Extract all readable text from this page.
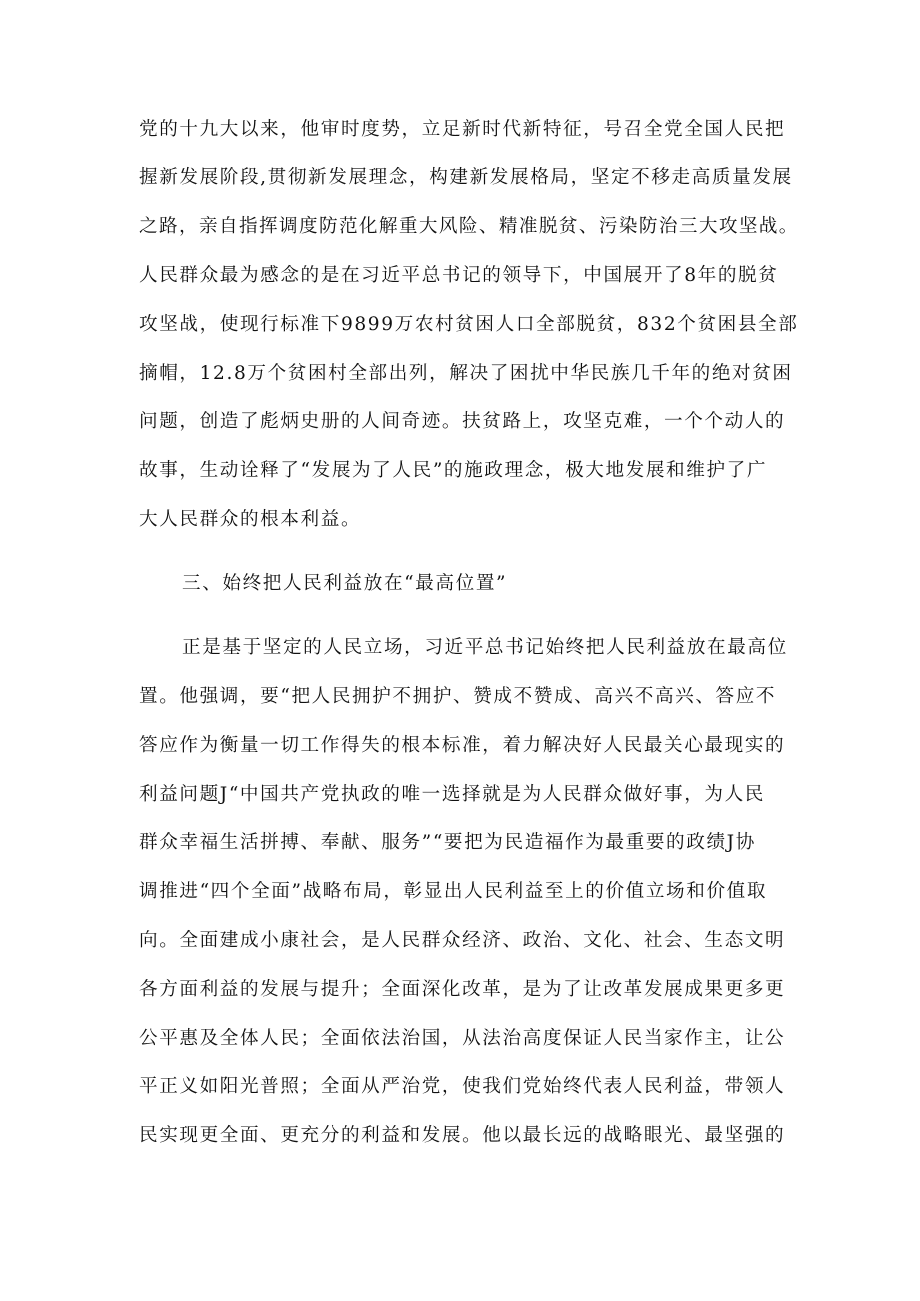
党的十九大以来，他审时度势，立足新时代新特征，号召全党全国人民把
握新发展阶段,贯彻新发展理念，构建新发展格局，坚定不移走高质量发展
之路，亲自指挥调度防范化解重大风险、精准脱贫、污染防治三大攻坚战。
人民群众最为感念的是在习近平总书记的领导下，中国展开了8年的脱贫
攻坚战，使现行标准下9899万农村贫困人口全部脱贫，832个贫困县全部
摘帽，12.8万个贫困村全部出列，解决了困扰中华民族几千年的绝对贫困
问题，创造了彪炳史册的人间奇迹。扶贫路上，攻坚克难，一个个动人的
故事，生动诠释了“发展为了人民”的施政理念，极大地发展和维护了广
大人民群众的根本利益。
三、始终把人民利益放在“最高位置”
正是基于坚定的人民立场，习近平总书记始终把人民利益放在最高位
置。他强调，要“把人民拥护不拥护、赞成不赞成、高兴不高兴、答应不
答应作为衡量一切工作得失的根本标准，着力解决好人民最关心最现实的
利益问题J“中国共产党执政的唯一选择就是为人民群众做好事，为人民
群众幸福生活拼搏、奉献、服务”“要把为民造福作为最重要的政绩J协
调推进“四个全面”战略布局，彰显出人民利益至上的价值立场和价值取
向。全面建成小康社会，是人民群众经济、政治、文化、社会、生态文明
各方面利益的发展与提升；全面深化改革，是为了让改革发展成果更多更
公平惠及全体人民；全面依法治国，从法治高度保证人民当家作主，让公
平正义如阳光普照；全面从严治党，使我们党始终代表人民利益，带领人
民实现更全面、更充分的利益和发展。他以最长远的战略眼光、最坚强的
